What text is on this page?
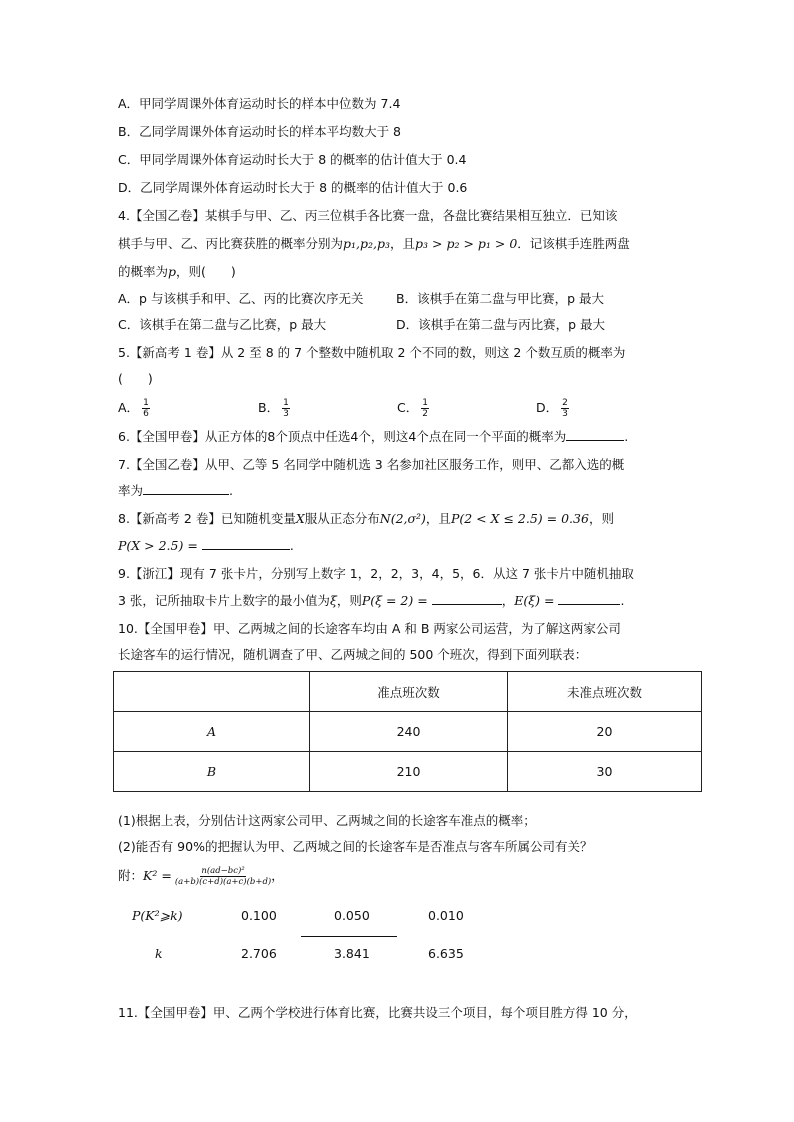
A．甲同学周课外体育运动时长的样本中位数为 7.4
B．乙同学周课外体育运动时长的样本平均数大于 8
C．甲同学周课外体育运动时长大于 8 的概率的估计值大于 0.4
D．乙同学周课外体育运动时长大于 8 的概率的估计值大于 0.6
4.【全国乙卷】某棋手与甲、乙、丙三位棋手各比赛一盘，各盘比赛结果相互独立．已知该
棋手与甲、乙、丙比赛获胜的概率分别为p₁,p₂,p₃，且p₃ > p₂ > p₁ > 0．记该棋手连胜两盘
的概率为p，则(　　)
A．p 与该棋手和甲、乙、丙的比赛次序无关	B．该棋手在第二盘与甲比赛，p 最大
C．该棋手在第二盘与乙比赛，p 最大	D．该棋手在第二盘与丙比赛，p 最大
5.【新高考 1 卷】从 2 至 8 的 7 个整数中随机取 2 个不同的数，则这 2 个数互质的概率为
(　　)
A． $\frac{1}{6}$	B． $\frac{1}{3}$	C． $\frac{1}{2}$	D． $\frac{2}{3}$
6.【全国甲卷】从正方体的8个顶点中任选4个，则这4个点在同一个平面的概率为	.
7.【全国乙卷】从甲、乙等 5 名同学中随机选 3 名参加社区服务工作，则甲、乙都入选的概
率为	.
8.【新高考 2 卷】已知随机变量X服从正态分布N(2,σ²)，且P(2 < X ≤ 2.5) = 0.36，则
P(X > 2.5) =	.
9.【浙江】现有 7 张卡片，分别写上数字 1，2，2，3，4，5，6．从这 7 张卡片中随机抽取
3 张，记所抽取卡片上数字的最小值为ξ，则P(ξ = 2) =	，E(ξ) =	.
10.【全国甲卷】甲、乙两城之间的长途客车均由 A 和 B 两家公司运营，为了解这两家公司
长途客车的运行情况，随机调查了甲、乙两城之间的 500 个班次，得到下面列联表：
	准点班次数	未准点班次数
A	240	20
B	210	30
(1)根据上表，分别估计这两家公司甲、乙两城之间的长途客车准点的概率；
(2)能否有 90%的把握认为甲、乙两城之间的长途客车是否准点与客车所属公司有关？
附：$K^2 = \frac{\text{n(ad−bc)²}}{(a+b)(c+d)(a+c)(b+d)}$ ，
P(K²⩾k)	0.100	0.050	0.010
k	2.706	3.841	6.635
11.【全国甲卷】甲、乙两个学校进行体育比赛，比赛共设三个项目，每个项目胜方得 10 分，
